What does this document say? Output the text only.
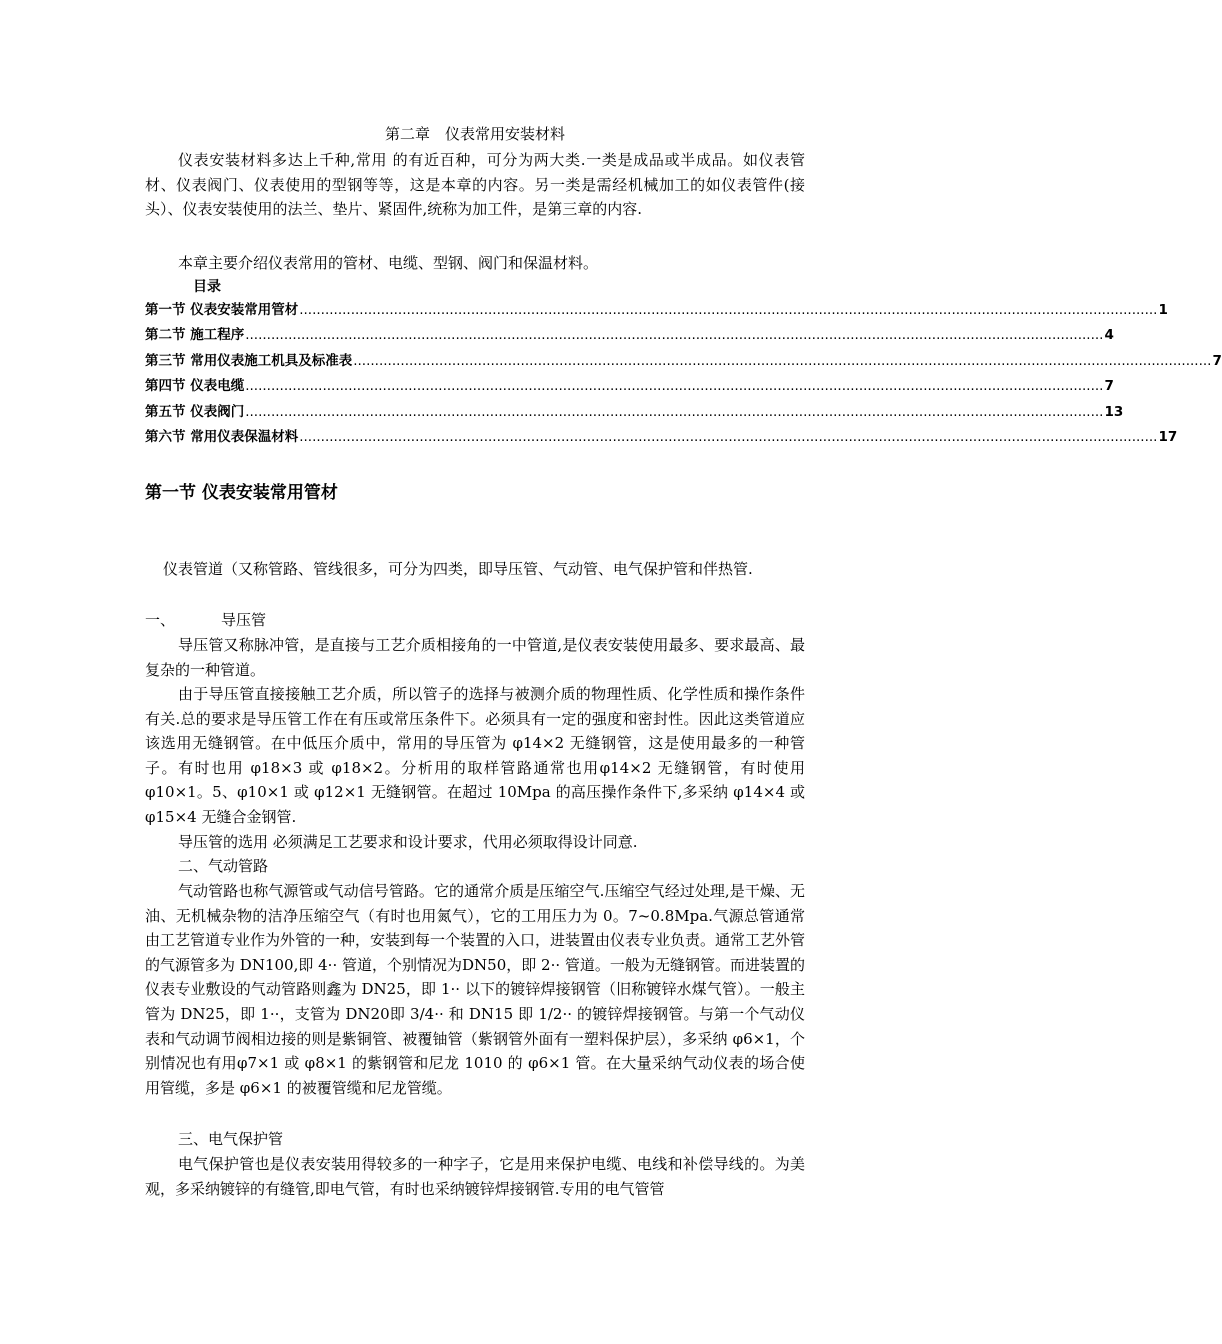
第二章　仪表常用安装材料

仪表安装材料多达上千种,常用 的有近百种，可分为两大类.一类是成品或半成品。如仪表管材、仪表阀门、仪表使用的型钢等等，这是本章的内容。另一类是需经机械加工的如仪表管件(接头）、仪表安装使用的法兰、垫片、紧固件,统称为加工件，是第三章的内容.

本章主要介绍仪表常用的管材、电缆、型钢、阀门和保温材料。

目录
第一节 仪表安装常用管材 ........................................................................................................................................................................................................ 1
第二节 施工程序 ........................................................................................................................................................................................................ 4
第三节 常用仪表施工机具及标准表 ........................................................................................................................................................................................................ 7
第四节 仪表电缆 ........................................................................................................................................................................................................ 7
第五节 仪表阀门 ........................................................................................................................................................................................................ 13
第六节 常用仪表保温材料 ........................................................................................................................................................................................................ 17
第一节 仪表安装常用管材

仪表管道（又称管路、管线很多，可分为四类，即导压管、气动管、电气保护管和伴热管.

一、	导压管

导压管又称脉冲管，是直接与工艺介质相接角的一中管道,是仪表安装使用最多、要求最高、最复杂的一种管道。

由于导压管直接接触工艺介质，所以管子的选择与被测介质的物理性质、化学性质和操作条件有关.总的要求是导压管工作在有压或常压条件下。必须具有一定的强度和密封性。因此这类管道应该选用无缝钢管。在中低压介质中，常用的导压管为 φ14×2 无缝钢管，这是使用最多的一种管子。有时也用 φ18×3 或 φ18×2。分析用的取样管路通常也用φ14×2 无缝钢管，有时使用 φ10×1。5、φ10×1 或 φ12×1 无缝钢管。在超过 10Mpa 的高压操作条件下,多采纳 φ14×4 或 φ15×4 无缝合金钢管.

导压管的选用 必须满足工艺要求和设计要求，代用必须取得设计同意.

二、气动管路

气动管路也称气源管或气动信号管路。它的通常介质是压缩空气.压缩空气经过处理,是干燥、无油、无机械杂物的洁净压缩空气（有时也用氮气），它的工用压力为 0。7~0.8Mpa.气源总管通常由工艺管道专业作为外管的一种，安装到每一个装置的入口，进装置由仪表专业负责。通常工艺外管的气源管多为 DN100,即 4·· 管道，个别情况为DN50，即 2·· 管道。一般为无缝钢管。而进装置的仪表专业敷设的气动管路则鑫为 DN25，即 1·· 以下的镀锌焊接钢管（旧称镀锌水煤气管）。一般主管为 DN25，即 1··，支管为 DN20即 3/4·· 和 DN15 即 1/2·· 的镀锌焊接钢管。与第一个气动仪表和气动调节阀相边接的则是紫铜管、被覆铀管（紫钢管外面有一塑料保护层），多采纳 φ6×1，个别情况也有用φ7×1 或 φ8×1 的紫钢管和尼龙 1010 的 φ6×1 管。在大量采纳气动仪表的场合使用管缆，多是 φ6×1 的被覆管缆和尼龙管缆。

三、电气保护管

电气保护管也是仪表安装用得较多的一种字子，它是用来保护电缆、电线和补偿导线的。为美观，多采纳镀锌的有缝管,即电气管，有时也采纳镀锌焊接钢管.专用的电气管管
